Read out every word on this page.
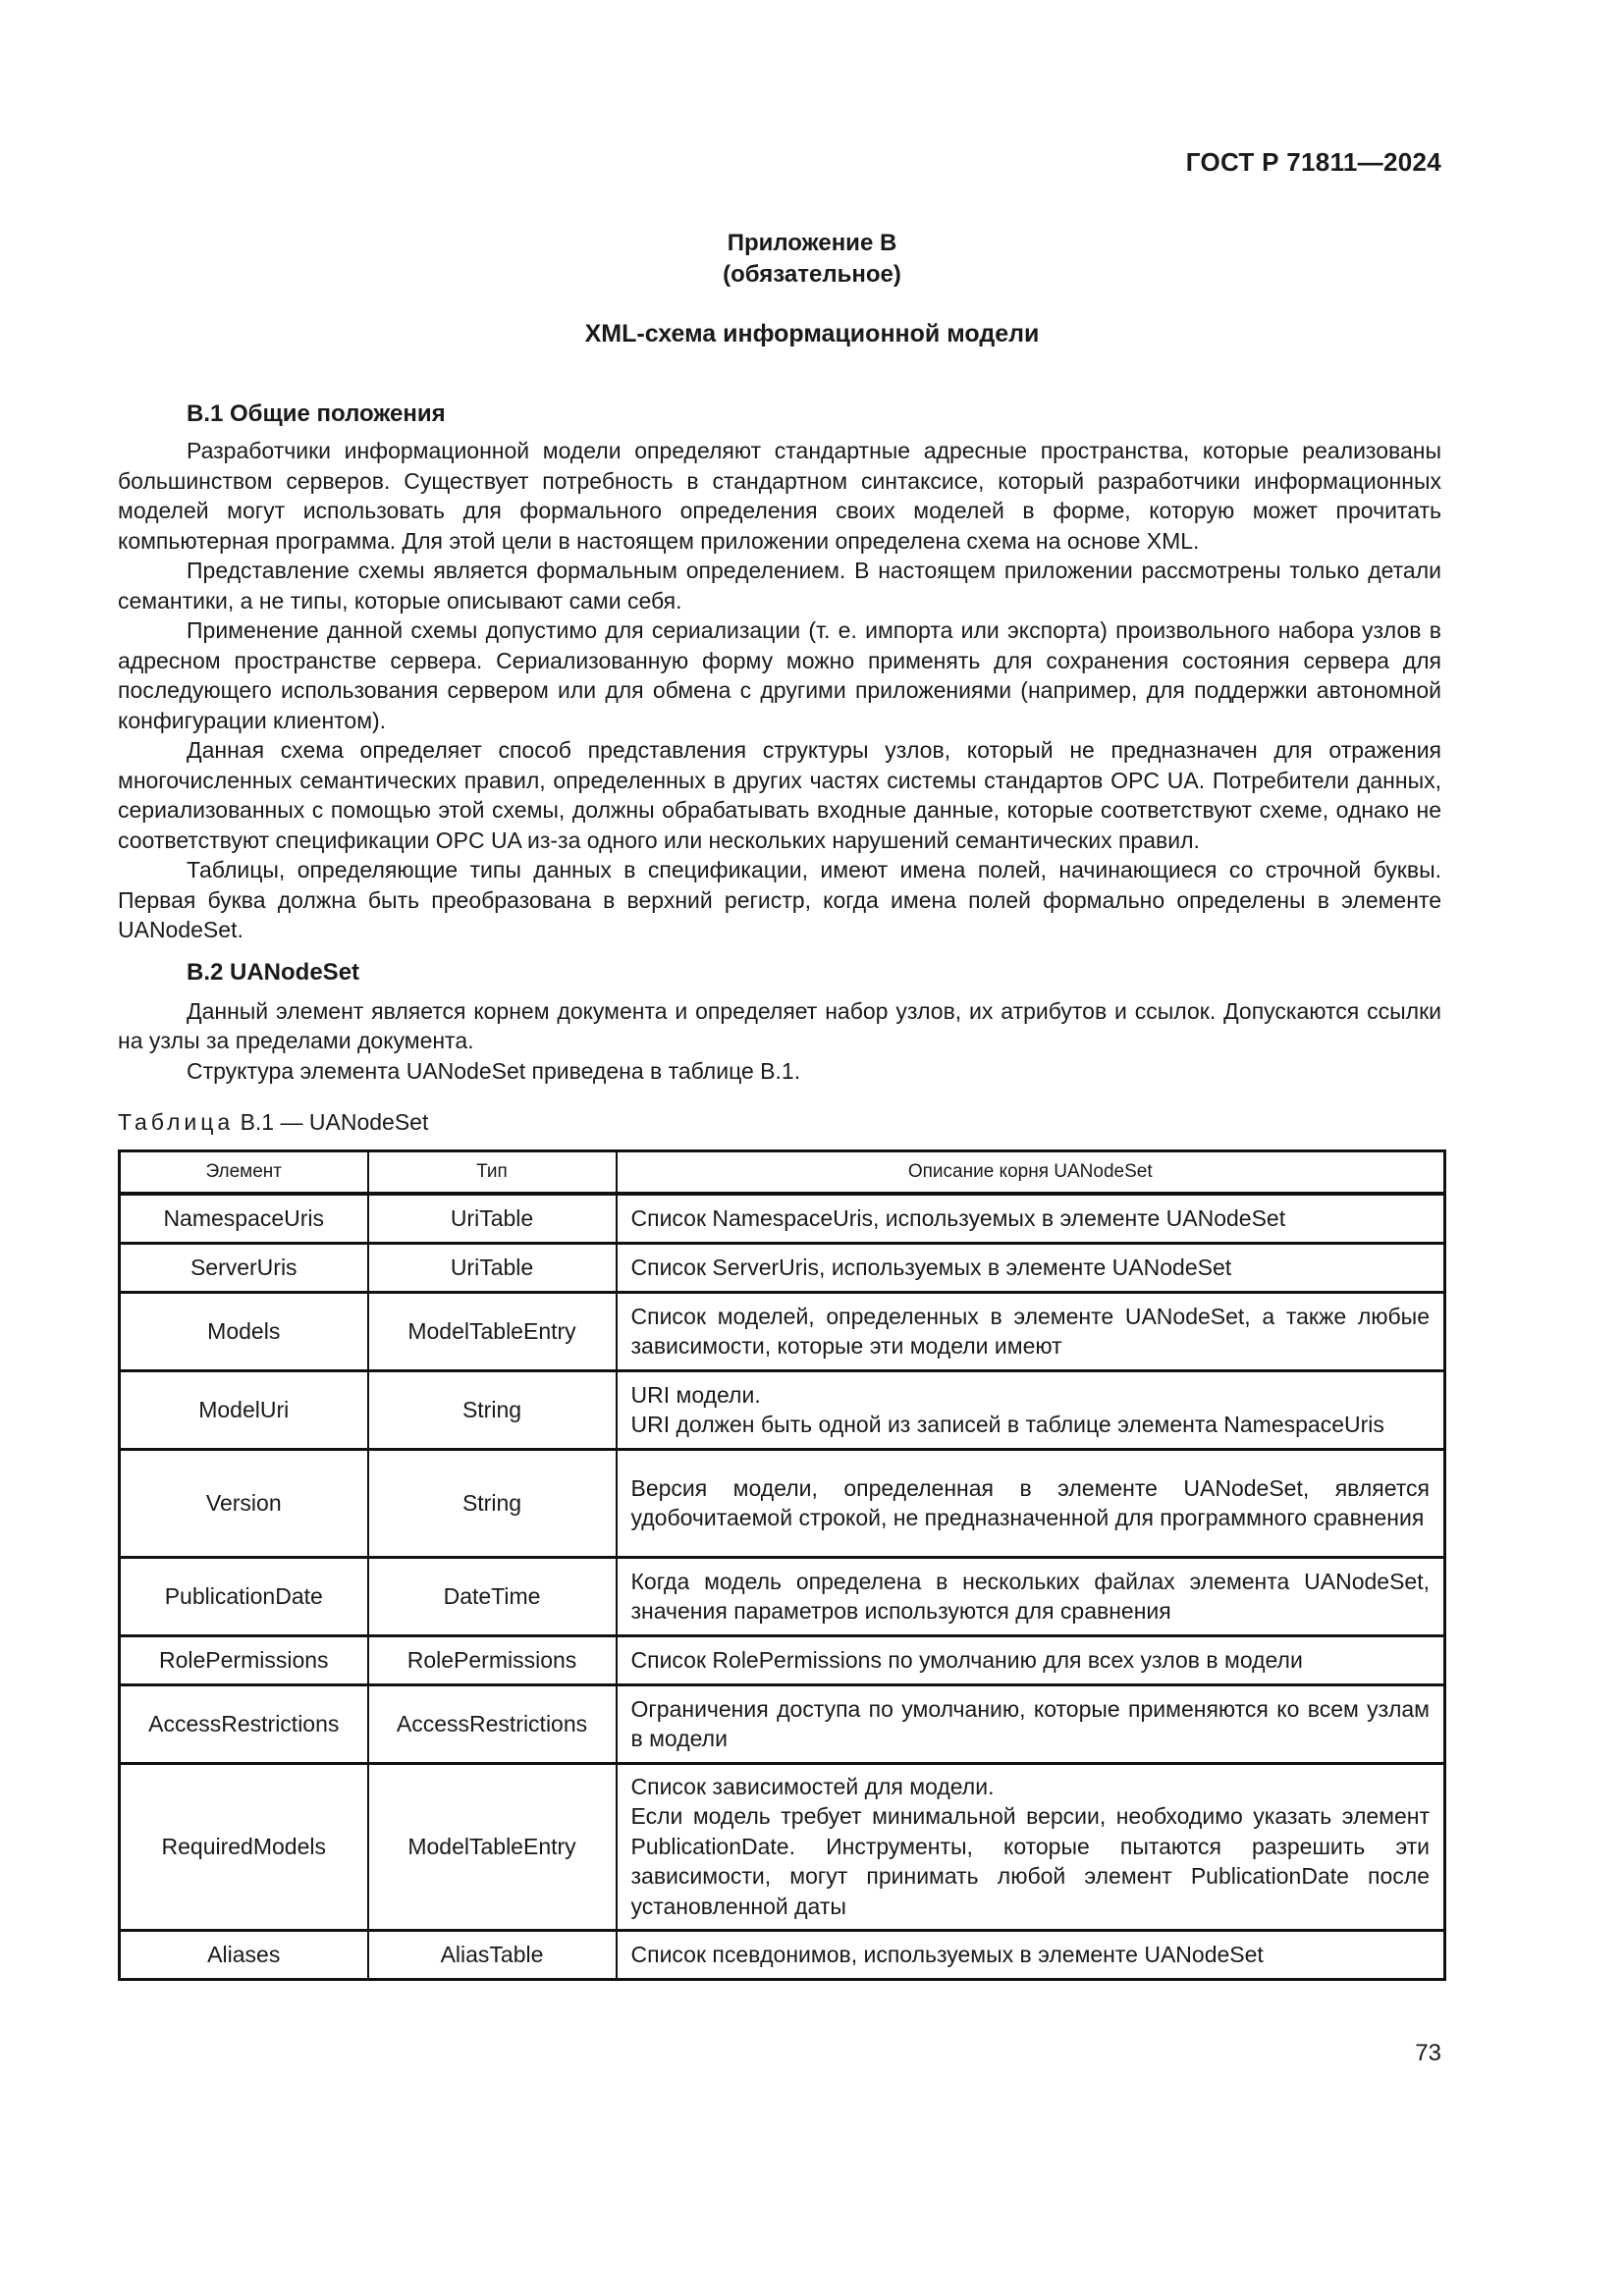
ГОСТ Р 71811—2024
Приложение В
(обязательное)
XML-схема информационной модели
В.1 Общие положения

Разработчики информационной модели определяют стандартные адресные пространства, которые реализованы большинством серверов. Существует потребность в стандартном синтаксисе, который разработчики информационных моделей могут использовать для формального определения своих моделей в форме, которую может прочитать компьютерная программа. Для этой цели в настоящем приложении определена схема на основе XML.

Представление схемы является формальным определением. В настоящем приложении рассмотрены только детали семантики, а не типы, которые описывают сами себя.

Применение данной схемы допустимо для сериализации (т. е. импорта или экспорта) произвольного набора узлов в адресном пространстве сервера. Сериализованную форму можно применять для сохранения состояния сервера для последующего использования сервером или для обмена с другими приложениями (например, для поддержки автономной конфигурации клиентом).

Данная схема определяет способ представления структуры узлов, который не предназначен для отражения многочисленных семантических правил, определенных в других частях системы стандартов OPC UA. Потребители данных, сериализованных с помощью этой схемы, должны обрабатывать входные данные, которые соответствуют схеме, однако не соответствуют спецификации OPC UA из-за одного или нескольких нарушений семантических правил.

Таблицы, определяющие типы данных в спецификации, имеют имена полей, начинающиеся со строчной буквы. Первая буква должна быть преобразована в верхний регистр, когда имена полей формально определены в элементе UANodeSet.

В.2 UANodeSet

Данный элемент является корнем документа и определяет набор узлов, их атрибутов и ссылок. Допускаются ссылки на узлы за пределами документа.

Структура элемента UANodeSet приведена в таблице В.1.

Таблица В.1 — UANodeSet
Элемент	Тип	Описание корня UANodeSet
NamespaceUris	UriTable	Список NamespaceUris, используемых в элементе UANodeSet
ServerUris	UriTable	Список ServerUris, используемых в элементе UANodeSet
Models	ModelTableEntry	Список моделей, определенных в элементе UANodeSet, а также любые зависимости, которые эти модели имеют
ModelUri	String	URI модели.
URI должен быть одной из записей в таблице элемента NamespaceUris

Version	String	Версия модели, определенная в элементе UANodeSet, является удобочитаемой строкой, не предназначенной для программного сравнения
PublicationDate	DateTime	Когда модель определена в нескольких файлах элемента UANodeSet, значения параметров используются для сравнения
RolePermissions	RolePermissions	Список RolePermissions по умолчанию для всех узлов в модели
AccessRestrictions	AccessRestrictions	Ограничения доступа по умолчанию, которые применяются ко всем узлам в модели
RequiredModels	ModelTableEntry	Список зависимостей для модели.
Если модель требует минимальной версии, необходимо указать элемент PublicationDate. Инструменты, которые пытаются разрешить эти зависимости, могут принимать любой элемент PublicationDate после установленной даты

Aliases	AliasTable	Список псевдонимов, используемых в элементе UANodeSet
73
